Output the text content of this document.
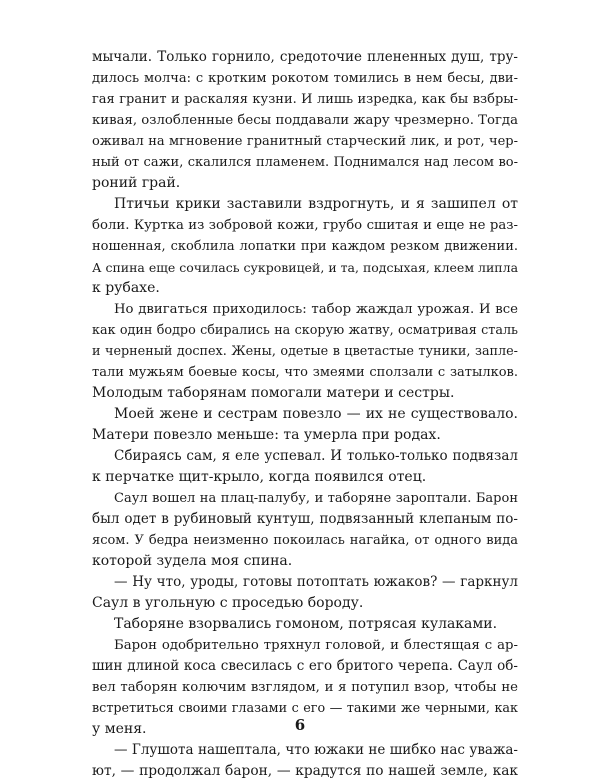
мычали. Только горнило, средоточие плененных душ, тру-
дилось молча: с кротким рокотом томились в нем бесы, дви-
гая гранит и раскаляя кузни. И лишь изредка, как бы взбры-
кивая, озлобленные бесы поддавали жару чрезмерно. Тогда
оживал на мгновение гранитный старческий лик, и рот, чер-
ный от сажи, скалился пламенем. Поднимался над лесом во-
роний грай.
Птичьи крики заставили вздрогнуть, и я зашипел от
боли. Куртка из зобровой кожи, грубо сшитая и еще не раз-
ношенная, скоблила лопатки при каждом резком движении.
А спина еще сочилась сукровицей, и та, подсыхая, клеем липла
к рубахе.
Но двигаться приходилось: табор жаждал урожая. И все
как один бодро сбирались на скорую жатву, осматривая сталь
и черненый доспех. Жены, одетые в цветастые туники, запле-
тали мужьям боевые косы, что змеями сползали с затылков.
Молодым таборянам помогали матери и сестры.
Моей жене и сестрам повезло — их не существовало.
Матери повезло меньше: та умерла при родах.
Сбираясь сам, я еле успевал. И только-только подвязал
к перчатке щит-крыло, когда появился отец.
Саул вошел на плац-палубу, и таборяне зароптали. Барон
был одет в рубиновый кунтуш, подвязанный клепаным по-
ясом. У бедра неизменно покоилась нагайка, от одного вида
которой зудела моя спина.
— Ну что, уроды, готовы потоптать южаков? — гаркнул
Саул в угольную с проседью бороду.
Таборяне взорвались гомоном, потрясая кулаками.
Барон одобрительно тряхнул головой, и блестящая с ар-
шин длиной коса свесилась с его бритого черепа. Саул об-
вел таборян колючим взглядом, и я потупил взор, чтобы не
встретиться своими глазами с его — такими же черными, как
у меня.
— Глушота нашептала, что южаки не шибко нас уважа-
ют, — продолжал барон, — крадутся по нашей земле, как
6
